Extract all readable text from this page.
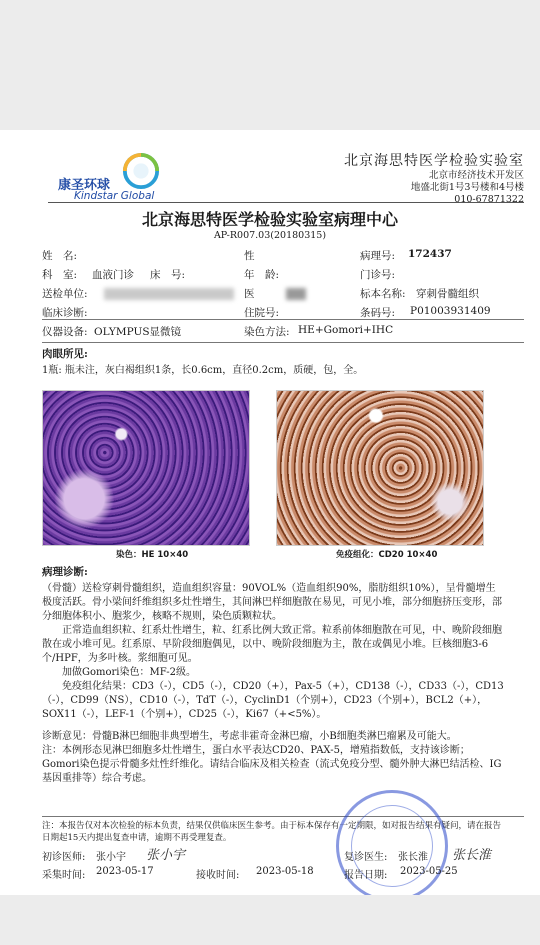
康圣环球
Kindstar Global
北京海思特医学检验实验室
北京市经济技术开发区
地盛北街1号3号楼和4号楼
010-67871322
北京海思特医学检验实验室病理中心
AP-R007.03(20180315)
姓　名:	性	病理号: 172437
科　室: 血液门诊 床　号:	年　龄:	门诊号:
送检单位:	医	标本名称: 穿刺骨髓组织
临床诊断:	住院号:	条码号: P01003931409
仪器设备: OLYMPUS显微镜	染色方法: HE+Gomori+IHC
肉眼所见:
1瓶: 瓶未注，灰白褐组织1条，长0.6cm，直径0.2cm，质硬，包，全。
染色：HE 10×40	免疫组化：CD20 10×40
病理诊断:
（骨髓）送检穿刺骨髓组织，造血组织容量：90VOL%（造血组织90%，脂肪组织10%），呈骨髓增生极度活跃。骨小梁间纤维组织多灶性增生，其间淋巴样细胞散在易见，可见小堆，部分细胞挤压变形，部分细胞体积小、胞浆少，核略不规则，染色质颗粒状。
　　正常造血组织粒、红系灶性增生，粒、红系比例大致正常。粒系前体细胞散在可见，中、晚阶段细胞散在或小堆可见。红系原、早阶段细胞偶见，以中、晚阶段细胞为主，散在或偶见小堆。巨核细胞3-6个/HPF，为多叶核。浆细胞可见。
　　加做Gomori染色：MF-2级。
　　免疫组化结果：CD3（-），CD5（-），CD20（+），Pax-5（+），CD138（-），CD33（-），CD13（-），CD99（NS），CD10（-），TdT（-），CyclinD1（个别+），CD23（个别+），BCL2（+），SOX11（-），LEF-1（个别+），CD25（-），Ki67（+<5%）。
诊断意见：骨髓B淋巴细胞非典型增生，考虑非霍奇金淋巴瘤，小B细胞类淋巴瘤累及可能大。
注：本例形态见淋巴细胞多灶性增生，蛋白水平表达CD20、PAX-5，增殖指数低，支持该诊断；Gomori染色提示骨髓多灶性纤维化。请结合临床及相关检查（流式免疫分型、髓外肿大淋巴结活检、IG基因重排等）综合考虑。
注：本报告仅对本次检验的标本负责，结果仅供临床医生参考。由于标本保存有一定期限，如对报告结果有疑问，请在报告日期起15天内提出复查申请，逾期不再受理复查。
初诊医师: 张小宇 张小宇	复诊医生: 张长淮 张长淮
采集时间: 2023-05-17	接收时间: 2023-05-18	报告日期: 2023-05-25
